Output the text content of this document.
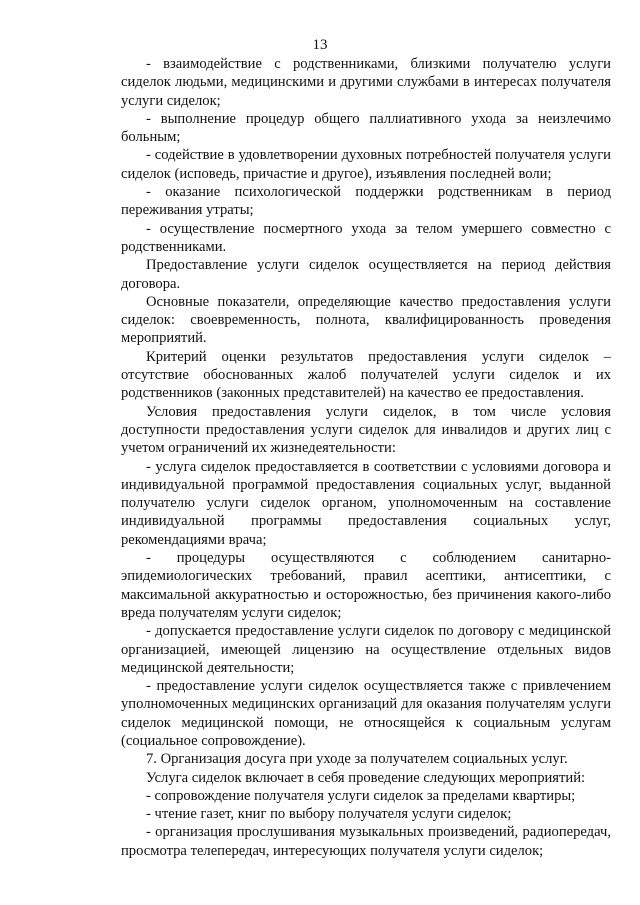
13

- взаимодействие с родственниками, близкими получателю услуги сиделок людьми, медицинскими и другими службами в интересах получателя услуги сиделок;

- выполнение процедур общего паллиативного ухода за неизлечимо больным;

- содействие в удовлетворении духовных потребностей получателя услуги сиделок (исповедь, причастие и другое), изъявления последней воли;

- оказание психологической поддержки родственникам в период переживания утраты;

- осуществление посмертного ухода за телом умершего совместно с родственниками.

Предоставление услуги сиделок осуществляется на период действия договора.

Основные показатели, определяющие качество предоставления услуги сиделок: своевременность, полнота, квалифицированность проведения мероприятий.

Критерий оценки результатов предоставления услуги сиделок – отсутствие обоснованных жалоб получателей услуги сиделок и их родственников (законных представителей) на качество ее предоставления.

Условия предоставления услуги сиделок, в том числе условия доступности предоставления услуги сиделок для инвалидов и других лиц с учетом ограничений их жизнедеятельности:

- услуга сиделок предоставляется в соответствии с условиями договора и индивидуальной программой предоставления социальных услуг, выданной получателю услуги сиделок органом, уполномоченным на составление индивидуальной программы предоставления социальных услуг, рекомендациями врача;

- процедуры осуществляются с соблюдением санитарно-эпидемиологических требований, правил асептики, антисептики, с максимальной аккуратностью и осторожностью, без причинения какого-либо вреда получателям услуги сиделок;

- допускается предоставление услуги сиделок по договору с медицинской организацией, имеющей лицензию на осуществление отдельных видов медицинской деятельности;

- предоставление услуги сиделок осуществляется также с привлечением уполномоченных медицинских организаций для оказания получателям услуги сиделок медицинской помощи, не относящейся к социальным услугам (социальное сопровождение).

7. Организация досуга при уходе за получателем социальных услуг.

Услуга сиделок включает в себя проведение следующих мероприятий:

- сопровождение получателя услуги сиделок за пределами квартиры;

- чтение газет, книг по выбору получателя услуги сиделок;

- организация прослушивания музыкальных произведений, радиопередач, просмотра телепередач, интересующих получателя услуги сиделок;
